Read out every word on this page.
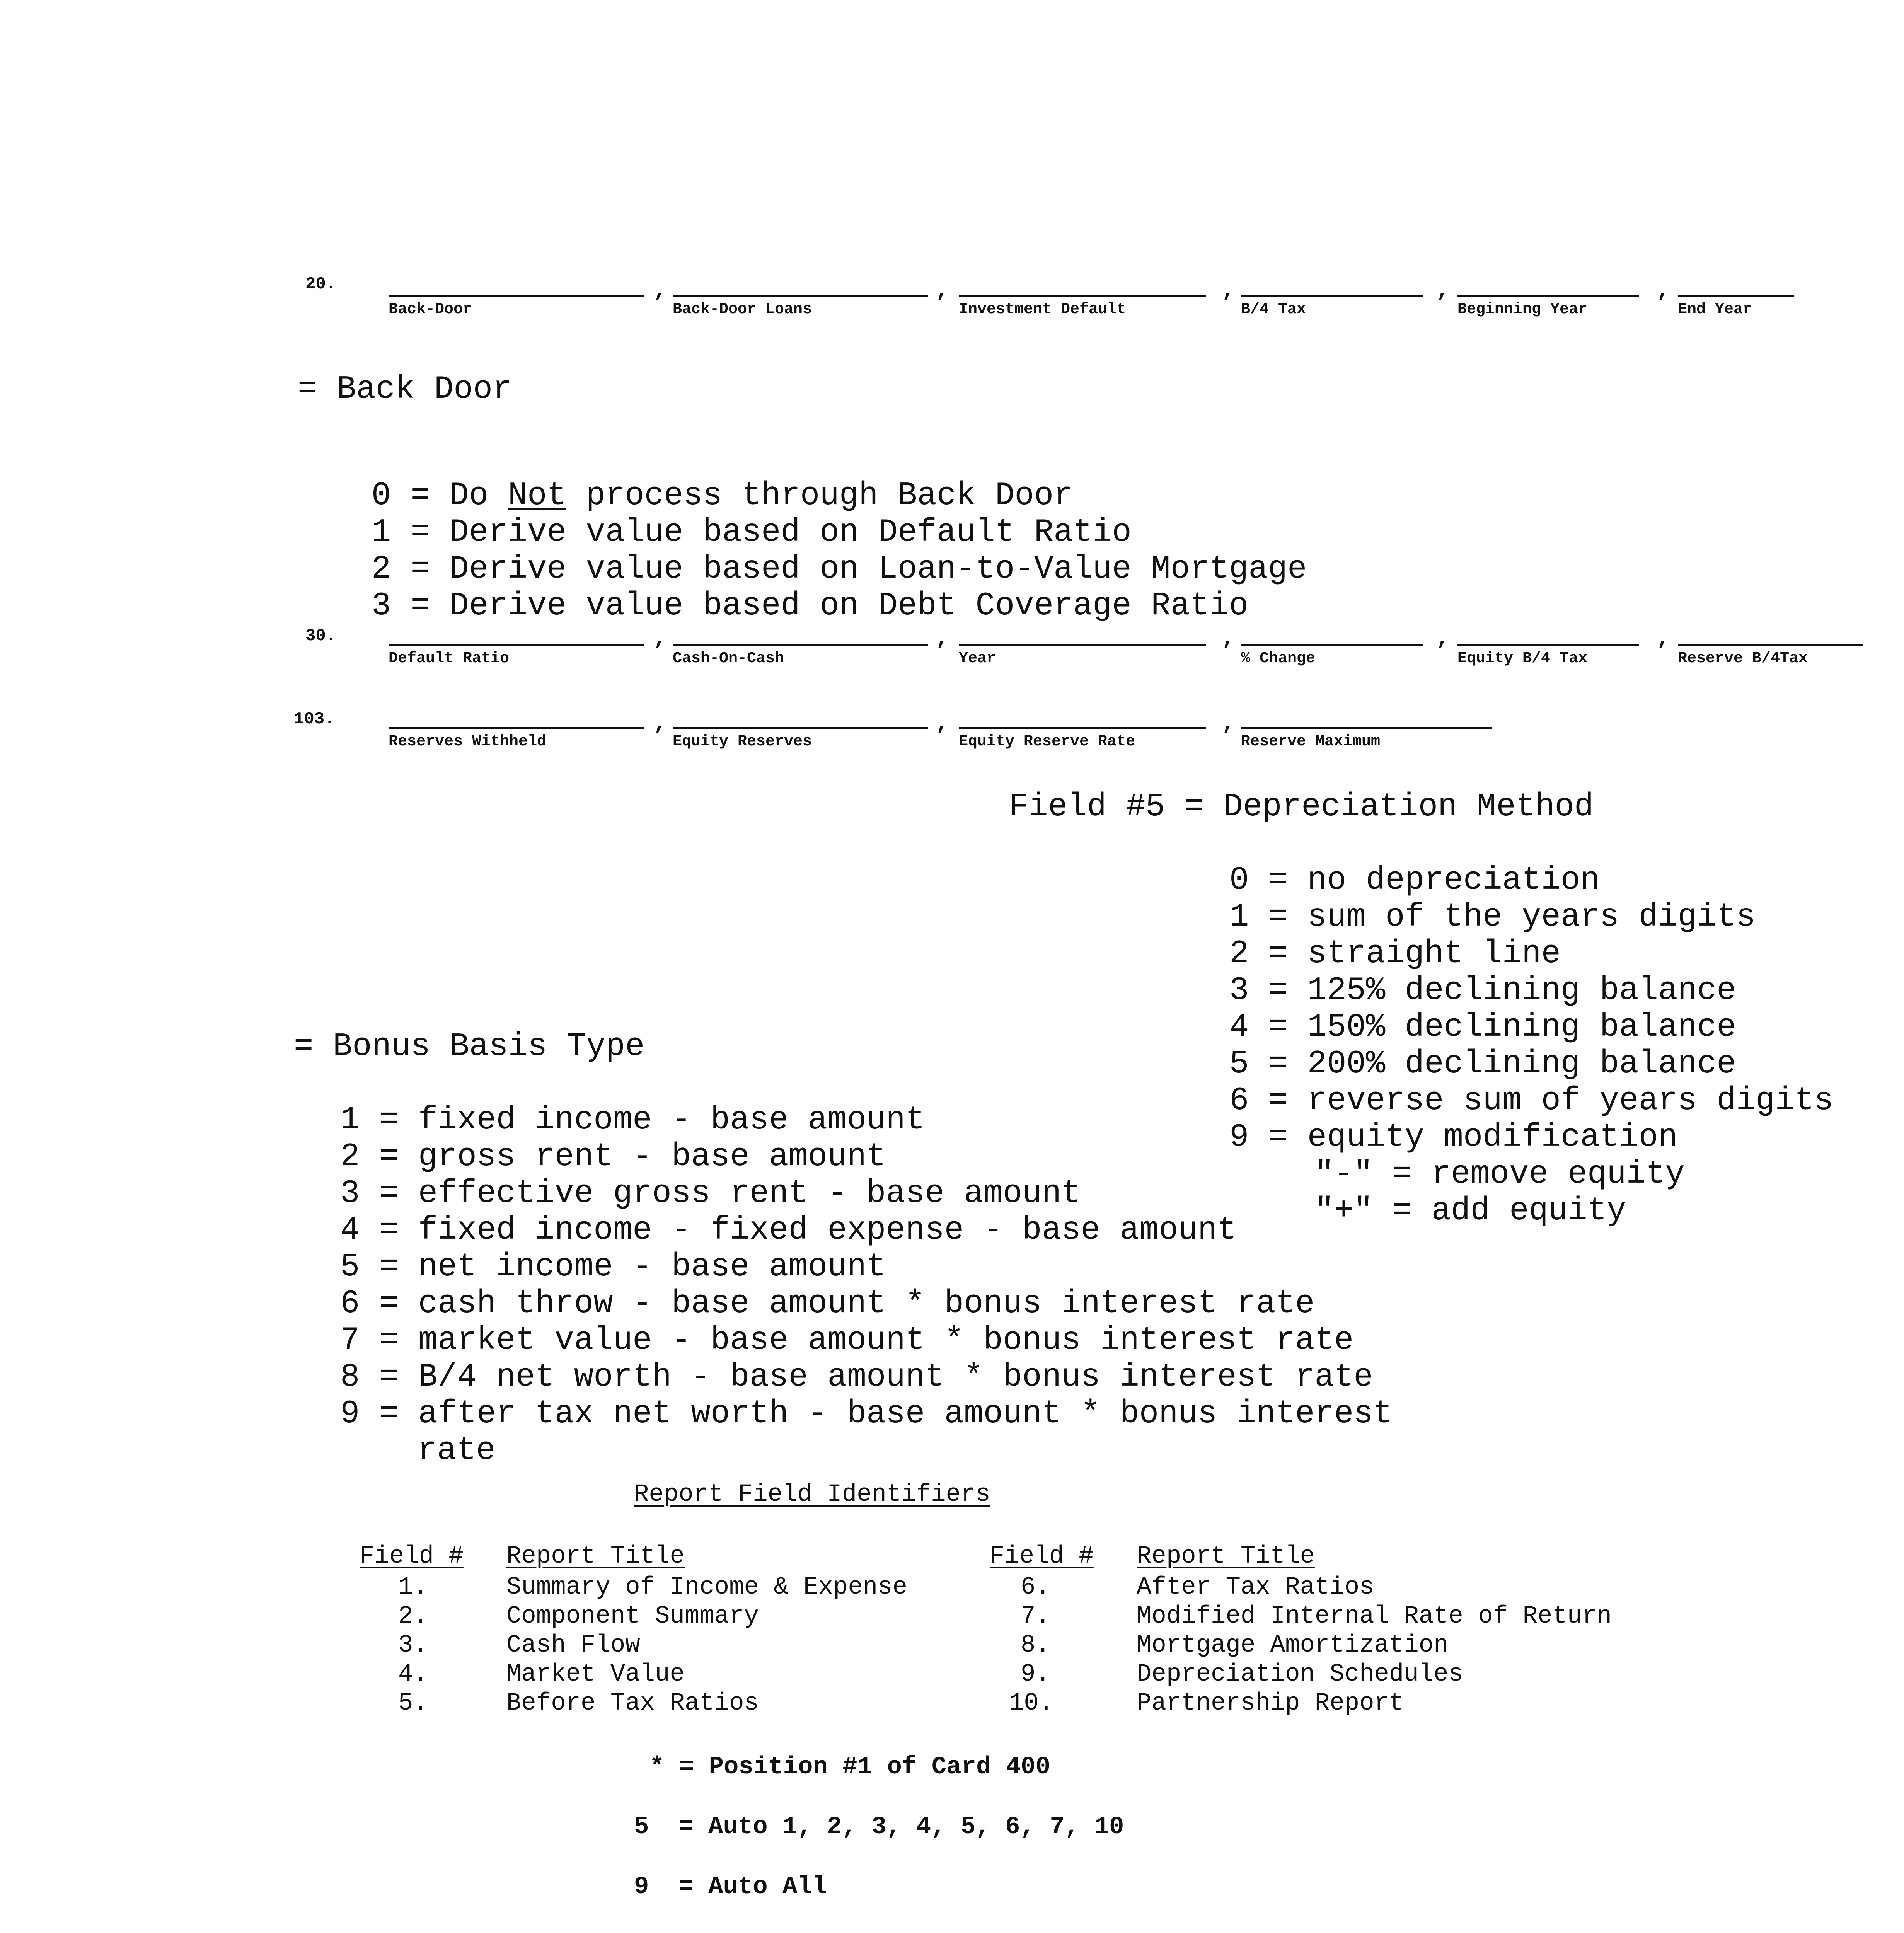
20.
Back-Door	Back-Door Loans	Investment Default	B/4 Tax	Beginning Year	End Year
,	,	,	,	,
= Back Door

0 = Do Not process through Back Door

1 = Derive value based on Default Ratio

2 = Derive value based on Loan-to-Value Mortgage

3 = Derive value based on Debt Coverage Ratio

30.
Default Ratio	Cash-On-Cash	Year	% Change	Equity B/4 Tax	Reserve B/4Tax
,	,	,	,	,
103.
Reserves Withheld	Equity Reserves	Equity Reserve Rate	Reserve Maximum
,	,	,
Field #5 = Depreciation Method
0 = no depreciation
1 = sum of the years digits
2 = straight line
3 = 125% declining balance
4 = 150% declining balance
5 = 200% declining balance
6 = reverse sum of years digits
9 = equity modification
"-" = remove equity
"+" = add equity
= Bonus Basis Type
1 = fixed income - base amount
2 = gross rent - base amount
3 = effective gross rent - base amount
4 = fixed income - fixed expense - base amount
5 = net income - base amount
6 = cash throw - base amount * bonus interest rate
7 = market value - base amount * bonus interest rate
8 = B/4 net worth - base amount * bonus interest rate
9 = after tax net worth - base amount * bonus interest
rate
Report Field Identifiers
Field # Report Title	Field # Report Title
1.	Summary of Income & Expense
2.	Component Summary
3.	Cash Flow
4.	Market Value
5.	Before Tax Ratios
6.	After Tax Ratios
7.	Modified Internal Rate of Return
8.	Mortgage Amortization
9.	Depreciation Schedules
10.	Partnership Report
* = Position #1 of Card 400
5  = Auto 1, 2, 3, 4, 5, 6, 7, 10
9  = Auto All
